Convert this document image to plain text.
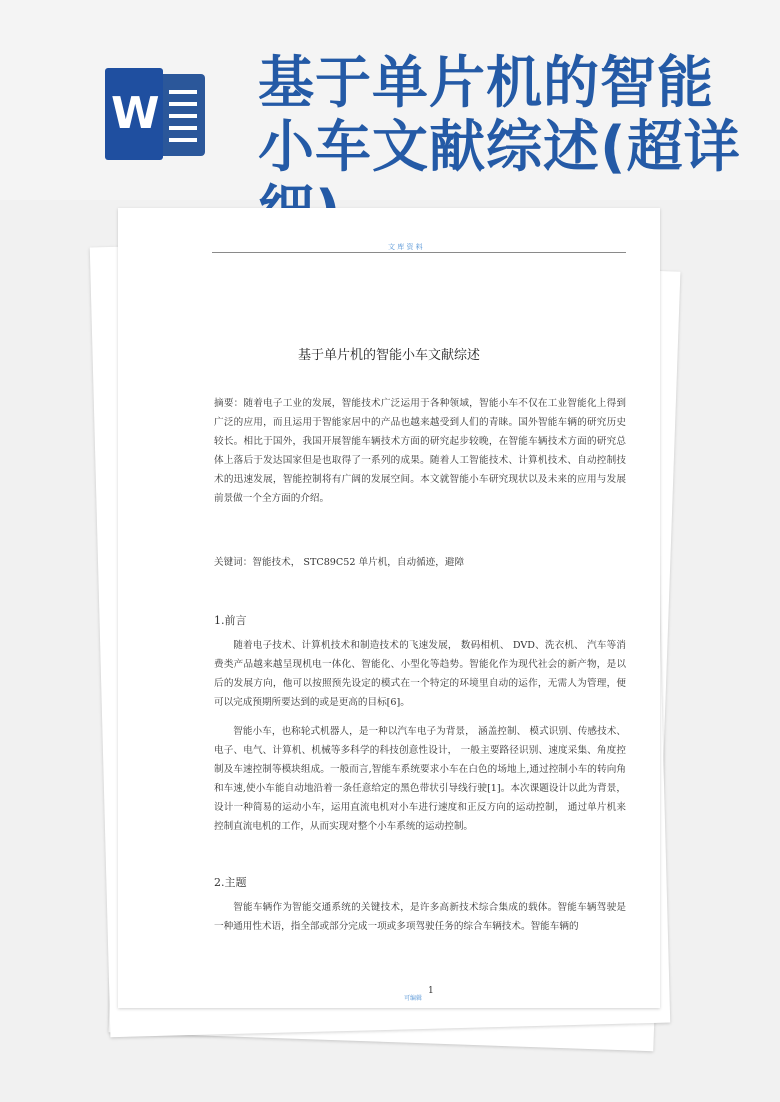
W 基于单片机的智能
小车文献综述(超详
文 库 资 料
基于单片机的智能小车文献综述
摘要：随着电子工业的发展，智能技术广泛运用于各种领域，智能小车不仅在工业智能化上得到广泛的应用，而且运用于智能家居中的产品也越来越受到人们的青睐。国外智能车辆的研究历史较长。相比于国外，我国开展智能车辆技术方面的研究起步较晚，在智能车辆技术方面的研究总体上落后于发达国家但是也取得了一系列的成果。随着人工智能技术、计算机技术、自动控制技术的迅速发展，智能控制将有广阔的发展空间。本文就智能小车研究现状以及未来的应用与发展前景做一个全方面的介绍。
关键词：智能技术， STC89C52 单片机，自动循迹，避障
1.前言
随着电子技术、计算机技术和制造技术的飞速发展， 数码相机、 DVD、洗衣机、 汽车等消费类产品越来越呈现机电一体化、智能化、小型化等趋势。智能化作为现代社会的新产物，是以后的发展方向，他可以按照预先设定的模式在一个特定的环境里自动的运作，无需人为管理，便可以完成预期所要达到的或是更高的目标[6]。
智能小车，也称轮式机器人，是一种以汽车电子为背景， 涵盖控制、 模式识别、传感技术、电子、电气、计算机、机械等多科学的科技创意性设计， 一般主要路径识别、速度采集、角度控制及车速控制等模块组成。一般而言,智能车系统要求小车在白色的场地上,通过控制小车的转向角和车速,使小车能自动地沿着一条任意给定的黑色带状引导线行驶[1]。本次课题设计以此为背景， 设计一种简易的运动小车，运用直流电机对小车进行速度和正反方向的运动控制， 通过单片机来控制直流电机的工作，从而实现对整个小车系统的运动控制。
2.主题
智能车辆作为智能交通系统的关键技术，是许多高新技术综合集成的载体。智能车辆驾驶是一种通用性术语，指全部或部分完成一项或多项驾驶任务的综合车辆技术。智能车辆的
1
可编辑
